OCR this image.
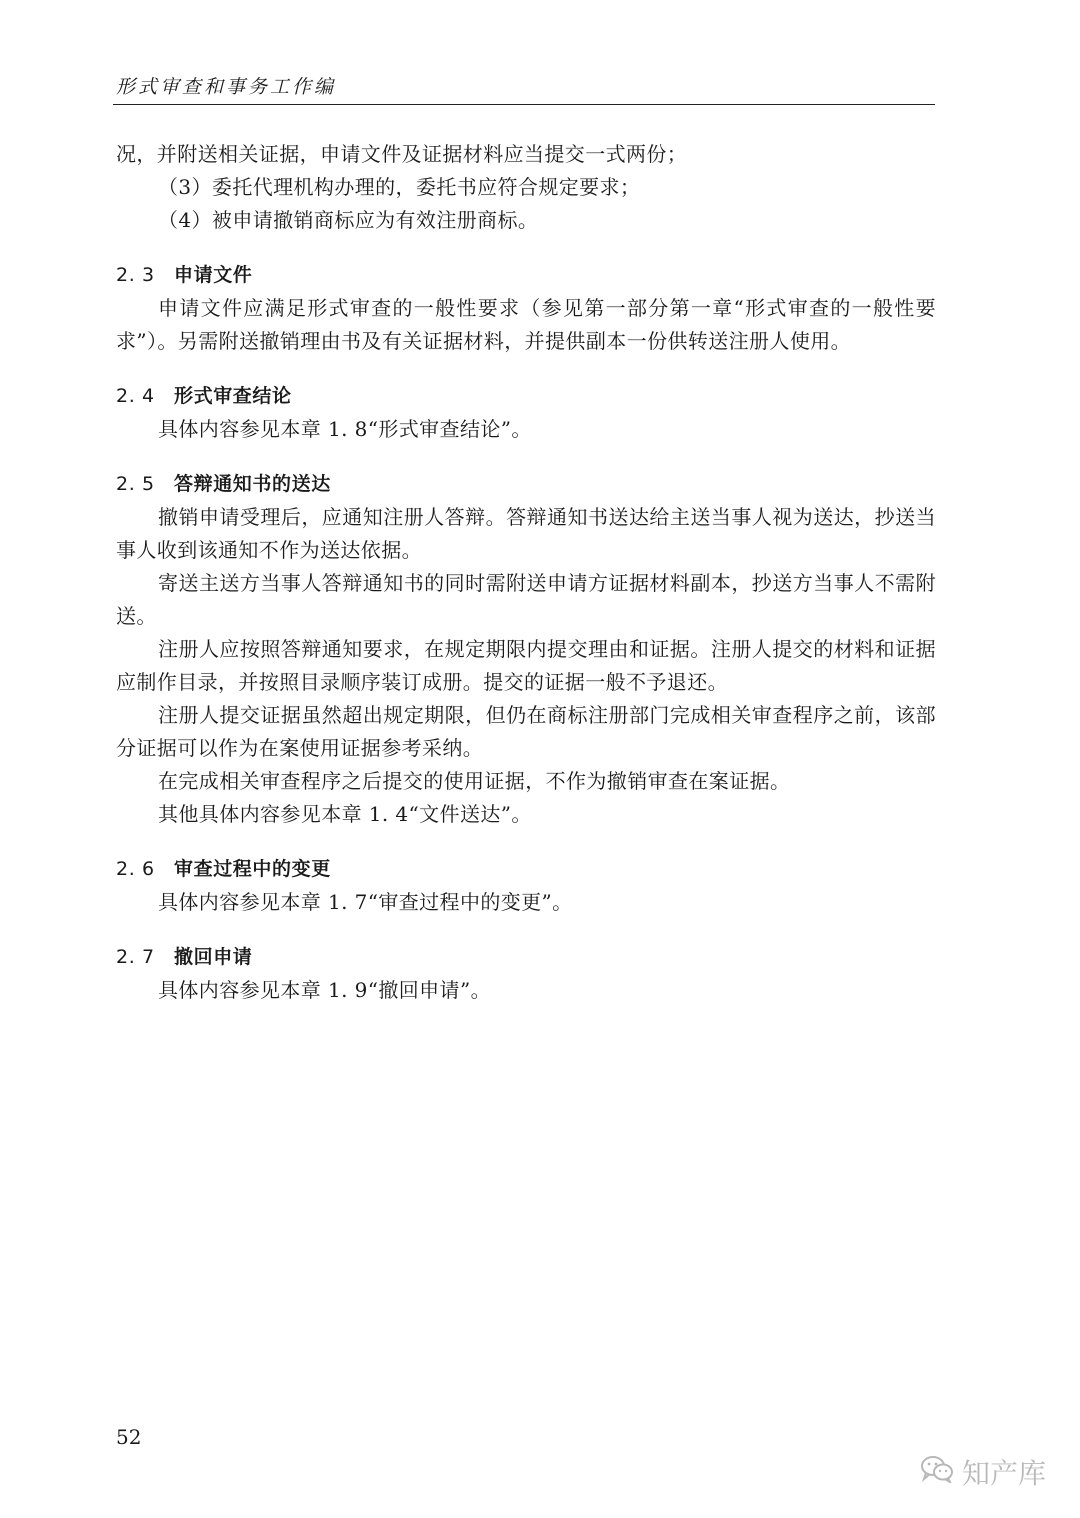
形式审查和事务工作编

况，并附送相关证据，申请文件及证据材料应当提交一式两份；

（3）委托代理机构办理的，委托书应符合规定要求；

（4）被申请撤销商标应为有效注册商标。

2. 3 申请文件

申请文件应满足形式审查的一般性要求（参见第一部分第一章“形式审查的一般性要求”）。另需附送撤销理由书及有关证据材料，并提供副本一份供转送注册人使用。

2. 4 形式审查结论

具体内容参见本章 1. 8“形式审查结论”。

2. 5 答辩通知书的送达

撤销申请受理后，应通知注册人答辩。答辩通知书送达给主送当事人视为送达，抄送当事人收到该通知不作为送达依据。

寄送主送方当事人答辩通知书的同时需附送申请方证据材料副本，抄送方当事人不需附送。

注册人应按照答辩通知要求，在规定期限内提交理由和证据。注册人提交的材料和证据应制作目录，并按照目录顺序装订成册。提交的证据一般不予退还。

注册人提交证据虽然超出规定期限，但仍在商标注册部门完成相关审查程序之前，该部分证据可以作为在案使用证据参考采纳。

在完成相关审查程序之后提交的使用证据，不作为撤销审查在案证据。

其他具体内容参见本章 1. 4“文件送达”。

2. 6 审查过程中的变更

具体内容参见本章 1. 7“审查过程中的变更”。

2. 7 撤回申请

具体内容参见本章 1. 9“撤回申请”。

52
知产库
